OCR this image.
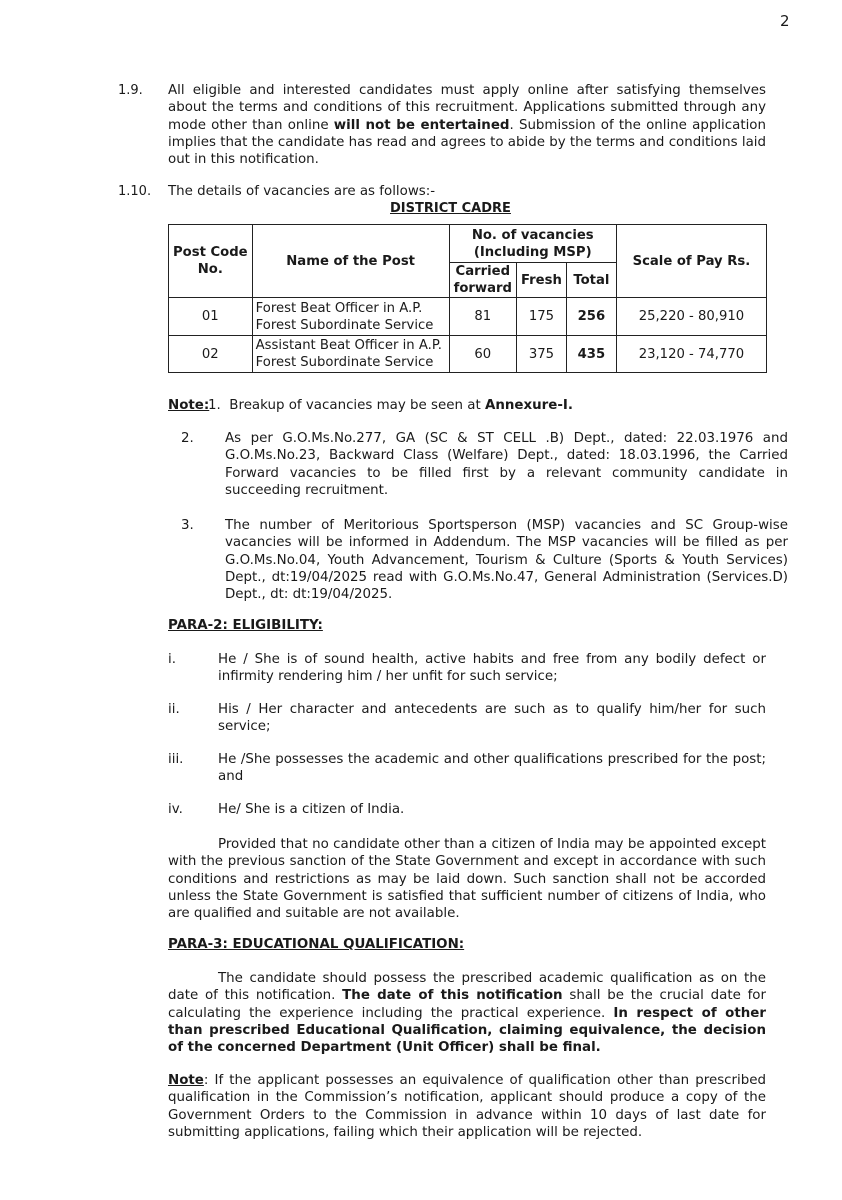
2
1.9. All eligible and interested candidates must apply online after satisfying themselves about the terms and conditions of this recruitment. Applications submitted through any mode other than online will not be entertained. Submission of the online application implies that the candidate has read and agrees to abide by the terms and conditions laid out in this notification.
1.10. The details of vacancies are as follows:-
DISTRICT CADRE
Post Code No.	Name of the Post	No. of vacancies (Including MSP)			Scale of Pay Rs.
		Carried forward	Fresh	Total	
01	Forest Beat Officer in A.P. Forest Subordinate Service	81	175	256	25,220 - 80,910
02	Assistant Beat Officer in A.P. Forest Subordinate Service	60	375	435	23,120 - 74,770
Note:
1. Breakup of vacancies may be seen at Annexure-I.
2. As per G.O.Ms.No.277, GA (SC & ST CELL .B) Dept., dated: 22.03.1976 and G.O.Ms.No.23, Backward Class (Welfare) Dept., dated: 18.03.1996, the Carried Forward vacancies to be filled first by a relevant community candidate in succeeding recruitment.
3. The number of Meritorious Sportsperson (MSP) vacancies and SC Group-wise vacancies will be informed in Addendum. The MSP vacancies will be filled as per G.O.Ms.No.04, Youth Advancement, Tourism & Culture (Sports & Youth Services) Dept., dt:19/04/2025 read with G.O.Ms.No.47, General Administration (Services.D) Dept., dt: dt:19/04/2025.
PARA-2: ELIGIBILITY:
i.	He / She is of sound health, active habits and free from any bodily defect or infirmity rendering him / her unfit for such service;
ii.	His / Her character and antecedents are such as to qualify him/her for such service;
iii.	He /She possesses the academic and other qualifications prescribed for the post; and
iv.	He/ She is a citizen of India.
Provided that no candidate other than a citizen of India may be appointed except with the previous sanction of the State Government and except in accordance with such conditions and restrictions as may be laid down. Such sanction shall not be accorded unless the State Government is satisfied that sufficient number of citizens of India, who are qualified and suitable are not available.
PARA-3: EDUCATIONAL QUALIFICATION:
The candidate should possess the prescribed academic qualification as on the date of this notification. The date of this notification shall be the crucial date for calculating the experience including the practical experience. In respect of other than prescribed Educational Qualification, claiming equivalence, the decision of the concerned Department (Unit Officer) shall be final.
Note: If the applicant possesses an equivalence of qualification other than prescribed qualification in the Commission’s notification, applicant should produce a copy of the Government Orders to the Commission in advance within 10 days of last date for submitting applications, failing which their application will be rejected.
